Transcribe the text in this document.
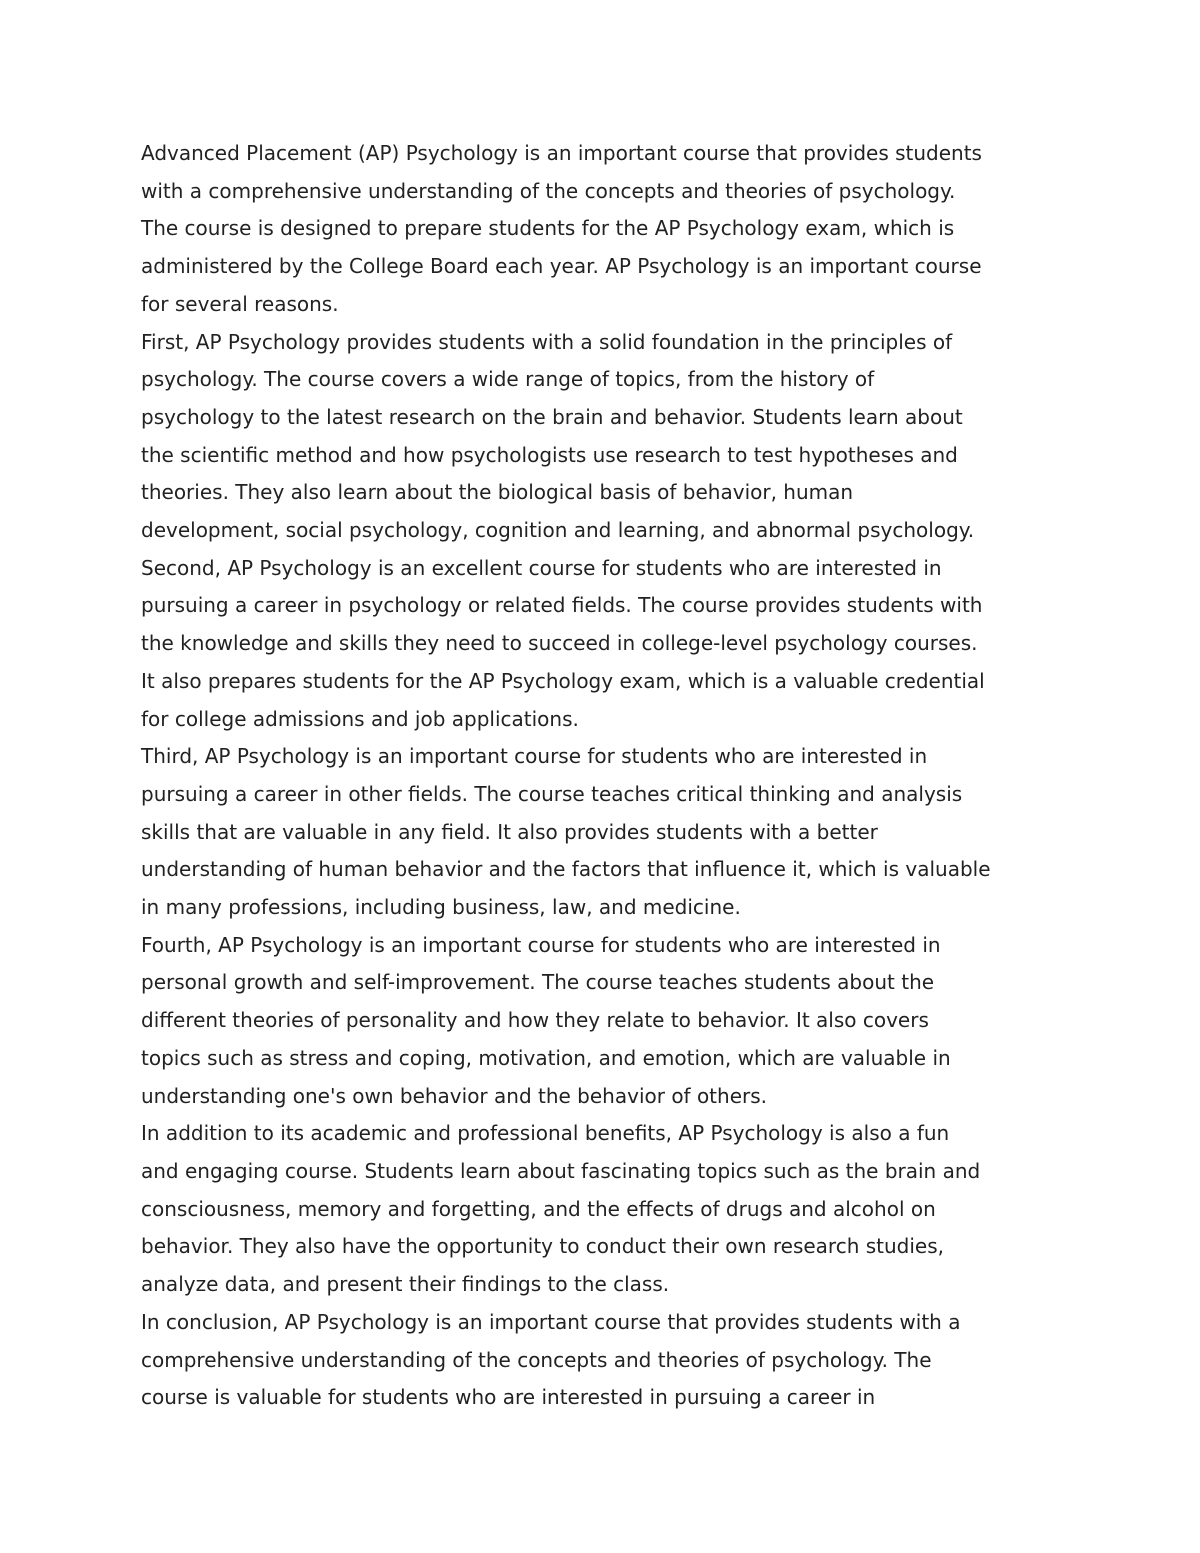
Advanced Placement (AP) Psychology is an important course that provides students
with a comprehensive understanding of the concepts and theories of psychology.
The course is designed to prepare students for the AP Psychology exam, which is
administered by the College Board each year. AP Psychology is an important course
for several reasons.
First, AP Psychology provides students with a solid foundation in the principles of
psychology. The course covers a wide range of topics, from the history of
psychology to the latest research on the brain and behavior. Students learn about
the scientific method and how psychologists use research to test hypotheses and
theories. They also learn about the biological basis of behavior, human
development, social psychology, cognition and learning, and abnormal psychology.
Second, AP Psychology is an excellent course for students who are interested in
pursuing a career in psychology or related fields. The course provides students with
the knowledge and skills they need to succeed in college-level psychology courses.
It also prepares students for the AP Psychology exam, which is a valuable credential
for college admissions and job applications.
Third, AP Psychology is an important course for students who are interested in
pursuing a career in other fields. The course teaches critical thinking and analysis
skills that are valuable in any field. It also provides students with a better
understanding of human behavior and the factors that influence it, which is valuable
in many professions, including business, law, and medicine.
Fourth, AP Psychology is an important course for students who are interested in
personal growth and self-improvement. The course teaches students about the
different theories of personality and how they relate to behavior. It also covers
topics such as stress and coping, motivation, and emotion, which are valuable in
understanding one's own behavior and the behavior of others.
In addition to its academic and professional benefits, AP Psychology is also a fun
and engaging course. Students learn about fascinating topics such as the brain and
consciousness, memory and forgetting, and the effects of drugs and alcohol on
behavior. They also have the opportunity to conduct their own research studies,
analyze data, and present their findings to the class.
In conclusion, AP Psychology is an important course that provides students with a
comprehensive understanding of the concepts and theories of psychology. The
course is valuable for students who are interested in pursuing a career in
